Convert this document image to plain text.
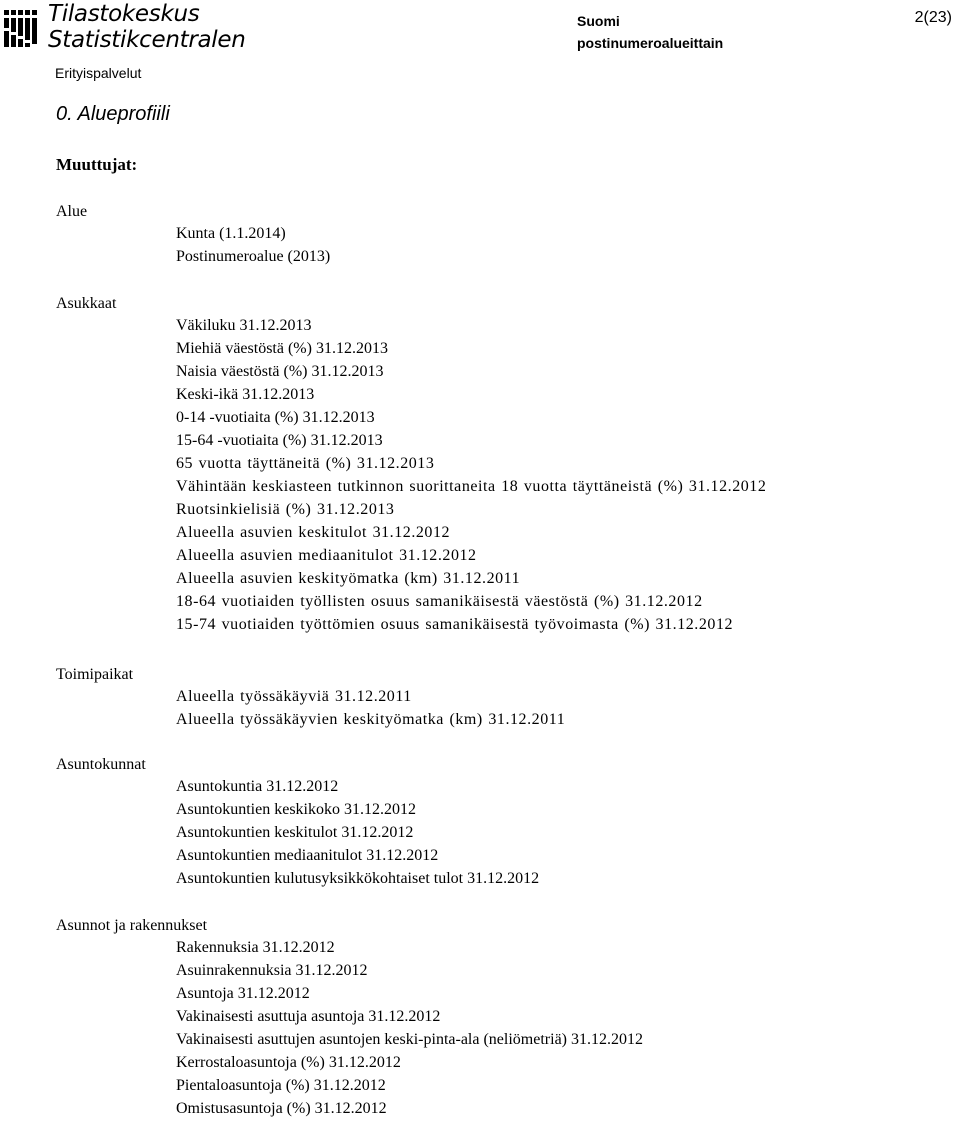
Tilastokeskus
Statistikcentralen
Suomi
postinumeroalueittain
2(23)
Erityispalvelut
0. Alueprofiili
Muuttujat:
Alue
Kunta (1.1.2014)
Postinumeroalue (2013)
Asukkaat
Väkiluku 31.12.2013
Miehiä väestöstä (%) 31.12.2013
Naisia väestöstä (%) 31.12.2013
Keski-ikä 31.12.2013
0-14 -vuotiaita (%) 31.12.2013
15-64 -vuotiaita (%) 31.12.2013
65 vuotta täyttäneitä (%) 31.12.2013
Vähintään keskiasteen tutkinnon suorittaneita 18 vuotta täyttäneistä (%) 31.12.2012
Ruotsinkielisiä (%) 31.12.2013
Alueella asuvien keskitulot 31.12.2012
Alueella asuvien mediaanitulot 31.12.2012
Alueella asuvien keskityömatka (km) 31.12.2011
18-64 vuotiaiden työllisten osuus samanikäisestä väestöstä (%) 31.12.2012
15-74 vuotiaiden työttömien osuus samanikäisestä työvoimasta (%) 31.12.2012
Toimipaikat
Alueella työssäkäyviä 31.12.2011
Alueella työssäkäyvien keskityömatka (km) 31.12.2011
Asuntokunnat
Asuntokuntia 31.12.2012
Asuntokuntien keskikoko 31.12.2012
Asuntokuntien keskitulot 31.12.2012
Asuntokuntien mediaanitulot 31.12.2012
Asuntokuntien kulutusyksikkökohtaiset tulot 31.12.2012
Asunnot ja rakennukset
Rakennuksia 31.12.2012
Asuinrakennuksia 31.12.2012
Asuntoja 31.12.2012
Vakinaisesti asuttuja asuntoja 31.12.2012
Vakinaisesti asuttujen asuntojen keski-pinta-ala (neliömetriä) 31.12.2012
Kerrostaloasuntoja (%) 31.12.2012
Pientaloasuntoja (%) 31.12.2012
Omistusasuntoja (%) 31.12.2012
